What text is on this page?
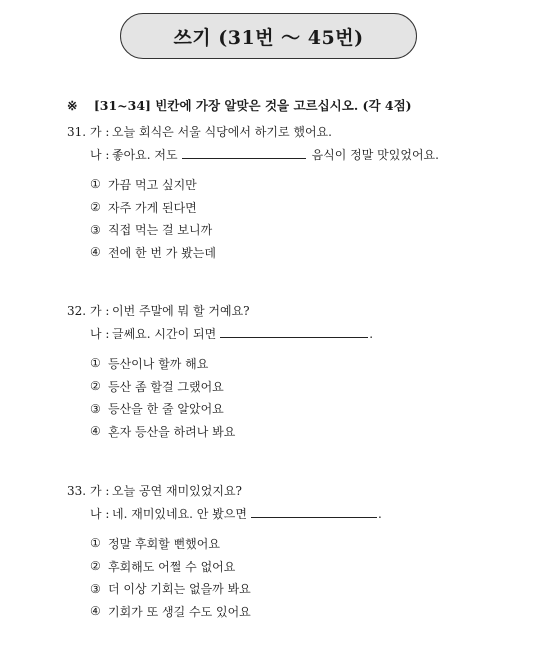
쓰기 (31번 ～ 45번)
※ [31~34] 빈칸에 가장 알맞은 것을 고르십시오. (각 4점)
31. 가 : 오늘 회식은 서울 식당에서 하기로 했어요.
나 : 좋아요. 저도	음식이 정말 맛있었어요.
① 가끔 먹고 싶지만
② 자주 가게 된다면
③ 직접 먹는 걸 보니까
④ 전에 한 번 가 봤는데
32. 가 : 이번 주말에 뭐 할 거예요?
나 : 글쎄요. 시간이 되면	.
① 등산이나 할까 해요
② 등산 좀 할걸 그랬어요
③ 등산을 한 줄 알았어요
④ 혼자 등산을 하려나 봐요
33. 가 : 오늘 공연 재미있었지요?
나 : 네. 재미있네요. 안 봤으면	.
① 정말 후회할 뻔했어요
② 후회해도 어쩔 수 없어요
③ 더 이상 기회는 없을까 봐요
④ 기회가 또 생길 수도 있어요
